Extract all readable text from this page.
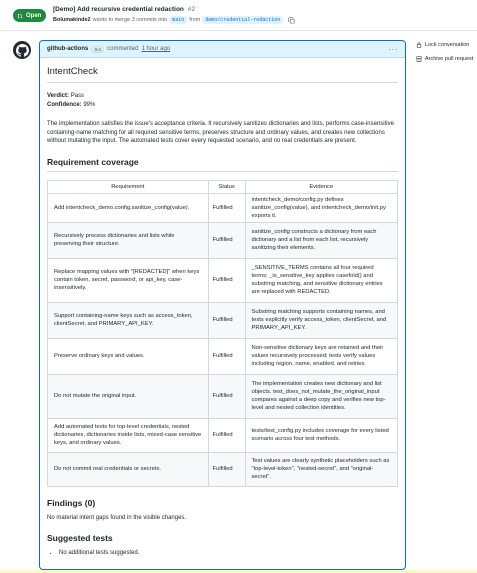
Open
[Demo] Add recursive credential redaction #2
Bolumakinde2 wants to merge 3 commits into	main from	demo/credential-redaction
github-actions	Bot	commented 1 hour ago	···
IntentCheck
Verdict: Pass
Confidence: 99%

The implementation satisfies the issue's acceptance criteria. It recursively sanitizes dictionaries and lists, performs case-insensitive containing-name matching for all required sensitive terms, preserves structure and ordinary values, and creates new collections without mutating the input. The automated tests cover every requested scenario, and no real credentials are present.

Requirement coverage
Requirement	Status	Evidence
Add intentcheck_demo.config.sanitize_config(value).	Fulfilled	intentcheck_demo/config.py defines sanitize_config(value), and intentcheck_demo/init.py exports it.
Recursively process dictionaries and lists while preserving their structure.	Fulfilled	sanitize_config constructs a dictionary from each dictionary and a list from each list, recursively sanitizing their elements.
Replace mapping values with "[REDACTED]" when keys contain token, secret, password, or api_key, case-insensitively.	Fulfilled	_SENSITIVE_TERMS contains all four required terms; _is_sensitive_key applies casefold() and substring matching, and sensitive dictionary entries are replaced with REDACTED.
Support containing-name keys such as access_token, clientSecret, and PRIMARY_API_KEY.	Fulfilled	Substring matching supports containing names, and tests explicitly verify access_token, clientSecret, and PRIMARY_API_KEY.
Preserve ordinary keys and values.	Fulfilled	Non-sensitive dictionary keys are retained and their values recursively processed; tests verify values including region, name, enabled, and retries.
Do not mutate the original input.	Fulfilled	The implementation creates new dictionary and list objects. test_does_not_mutate_the_original_input compares against a deep copy and verifies new top-level and nested collection identities.
Add automated tests for top-level credentials, nested dictionaries, dictionaries inside lists, mixed-case sensitive keys, and ordinary values.	Fulfilled	tests/test_config.py includes coverage for every listed scenario across four test methods.
Do not commit real credentials or secrets.	Fulfilled	Test values are clearly synthetic placeholders such as "top-level-token", "nested-secret", and "original-secret".
Findings (0)

No material intent gaps found in the visible changes.

Suggested tests
• No additional tests suggested.
Lock conversation
Archive pull request
